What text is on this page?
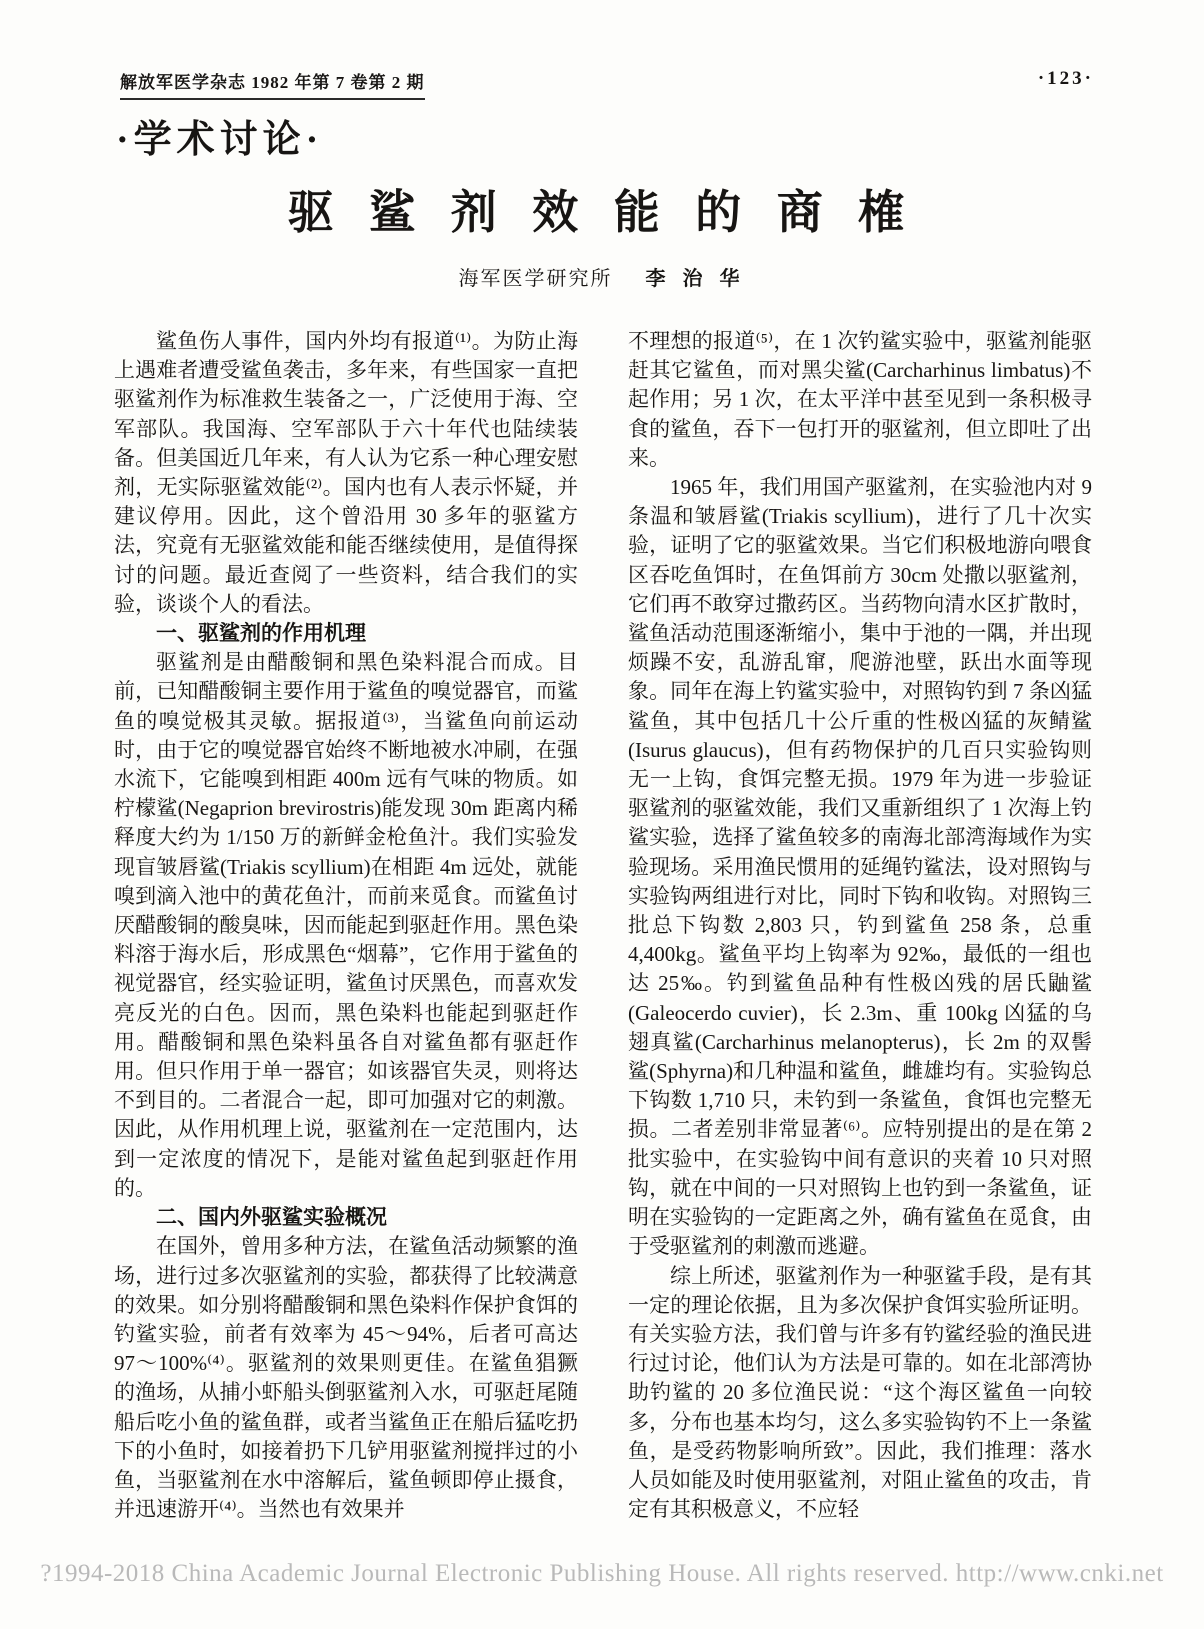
解放军医学杂志 1982 年第 7 卷第 2 期	·123·
·学术讨论·
驱 鲨 剂 效 能 的 商 榷
海军医学研究所 李 治 华

鲨鱼伤人事件，国内外均有报道⁽¹⁾。为防止海上遇难者遭受鲨鱼袭击，多年来，有些国家一直把驱鲨剂作为标准救生装备之一，广泛使用于海、空军部队。我国海、空军部队于六十年代也陆续装备。但美国近几年来，有人认为它系一种心理安慰剂，无实际驱鲨效能⁽²⁾。国内也有人表示怀疑，并建议停用。因此，这个曾沿用 30 多年的驱鲨方法，究竟有无驱鲨效能和能否继续使用，是值得探讨的问题。最近查阅了一些资料，结合我们的实验，谈谈个人的看法。

一、驱鲨剂的作用机理

驱鲨剂是由醋酸铜和黑色染料混合而成。目前，已知醋酸铜主要作用于鲨鱼的嗅觉器官，而鲨鱼的嗅觉极其灵敏。据报道⁽³⁾，当鲨鱼向前运动时，由于它的嗅觉器官始终不断地被水冲刷，在强水流下，它能嗅到相距 400m 远有气味的物质。如柠檬鲨(Negaprion brevirostris)能发现 30m 距离内稀释度大约为 1/150 万的新鲜金枪鱼汁。我们实验发现盲皱唇鲨(Triakis scyllium)在相距 4m 远处，就能嗅到滴入池中的黄花鱼汁，而前来觅食。而鲨鱼讨厌醋酸铜的酸臭味，因而能起到驱赶作用。黑色染料溶于海水后，形成黑色“烟幕”，它作用于鲨鱼的视觉器官，经实验证明，鲨鱼讨厌黑色，而喜欢发亮反光的白色。因而，黑色染料也能起到驱赶作用。醋酸铜和黑色染料虽各自对鲨鱼都有驱赶作用。但只作用于单一器官；如该器官失灵，则将达不到目的。二者混合一起，即可加强对它的刺激。因此，从作用机理上说，驱鲨剂在一定范围内，达到一定浓度的情况下，是能对鲨鱼起到驱赶作用的。

二、国内外驱鲨实验概况

在国外，曾用多种方法，在鲨鱼活动频繁的渔场，进行过多次驱鲨剂的实验，都获得了比较满意的效果。如分别将醋酸铜和黑色染料作保护食饵的钓鲨实验，前者有效率为 45～94%，后者可高达 97～100%⁽⁴⁾。驱鲨剂的效果则更佳。在鲨鱼猖獗的渔场，从捕小虾船头倒驱鲨剂入水，可驱赶尾随船后吃小鱼的鲨鱼群，或者当鲨鱼正在船后猛吃扔下的小鱼时，如接着扔下几铲用驱鲨剂搅拌过的小鱼，当驱鲨剂在水中溶解后，鲨鱼顿即停止摄食，并迅速游开⁽⁴⁾。当然也有效果并

不理想的报道⁽⁵⁾，在 1 次钓鲨实验中，驱鲨剂能驱赶其它鲨鱼，而对黑尖鲨(Carcharhinus limbatus)不起作用；另 1 次，在太平洋中甚至见到一条积极寻食的鲨鱼，吞下一包打开的驱鲨剂，但立即吐了出来。

1965 年，我们用国产驱鲨剂，在实验池内对 9 条温和皱唇鲨(Triakis scyllium)，进行了几十次实验，证明了它的驱鲨效果。当它们积极地游向喂食区吞吃鱼饵时，在鱼饵前方 30cm 处撒以驱鲨剂，它们再不敢穿过撒药区。当药物向清水区扩散时，鲨鱼活动范围逐渐缩小，集中于池的一隅，并出现烦躁不安，乱游乱窜，爬游池壁，跃出水面等现象。同年在海上钓鲨实验中，对照钩钓到 7 条凶猛鲨鱼，其中包括几十公斤重的性极凶猛的灰鲭鲨(Isurus glaucus)，但有药物保护的几百只实验钩则无一上钩，食饵完整无损。1979 年为进一步验证驱鲨剂的驱鲨效能，我们又重新组织了 1 次海上钓鲨实验，选择了鲨鱼较多的南海北部湾海域作为实验现场。采用渔民惯用的延绳钓鲨法，设对照钩与实验钩两组进行对比，同时下钩和收钩。对照钩三批总下钩数 2,803 只，钓到鲨鱼 258 条，总重 4,400kg。鲨鱼平均上钩率为 92‰，最低的一组也达 25‰。钓到鲨鱼品种有性极凶残的居氏鼬鲨(Galeocerdo cuvier)，长 2.3m、重 100kg 凶猛的乌翅真鲨(Carcharhinus melanopterus)，长 2m 的双髻鲨(Sphyrna)和几种温和鲨鱼，雌雄均有。实验钩总下钩数 1,710 只，未钓到一条鲨鱼，食饵也完整无损。二者差别非常显著⁽⁶⁾。应特别提出的是在第 2 批实验中，在实验钩中间有意识的夹着 10 只对照钩，就在中间的一只对照钩上也钓到一条鲨鱼，证明在实验钩的一定距离之外，确有鲨鱼在觅食，由于受驱鲨剂的刺激而逃避。

综上所述，驱鲨剂作为一种驱鲨手段，是有其一定的理论依据，且为多次保护食饵实验所证明。有关实验方法，我们曾与许多有钓鲨经验的渔民进行过讨论，他们认为方法是可靠的。如在北部湾协助钓鲨的 20 多位渔民说：“这个海区鲨鱼一向较多，分布也基本均匀，这么多实验钩钓不上一条鲨鱼，是受药物影响所致”。因此，我们推理：落水人员如能及时使用驱鲨剂，对阻止鲨鱼的攻击，肯定有其积极意义，不应轻

?1994-2018 China Academic Journal Electronic Publishing House. All rights reserved. http://www.cnki.net
